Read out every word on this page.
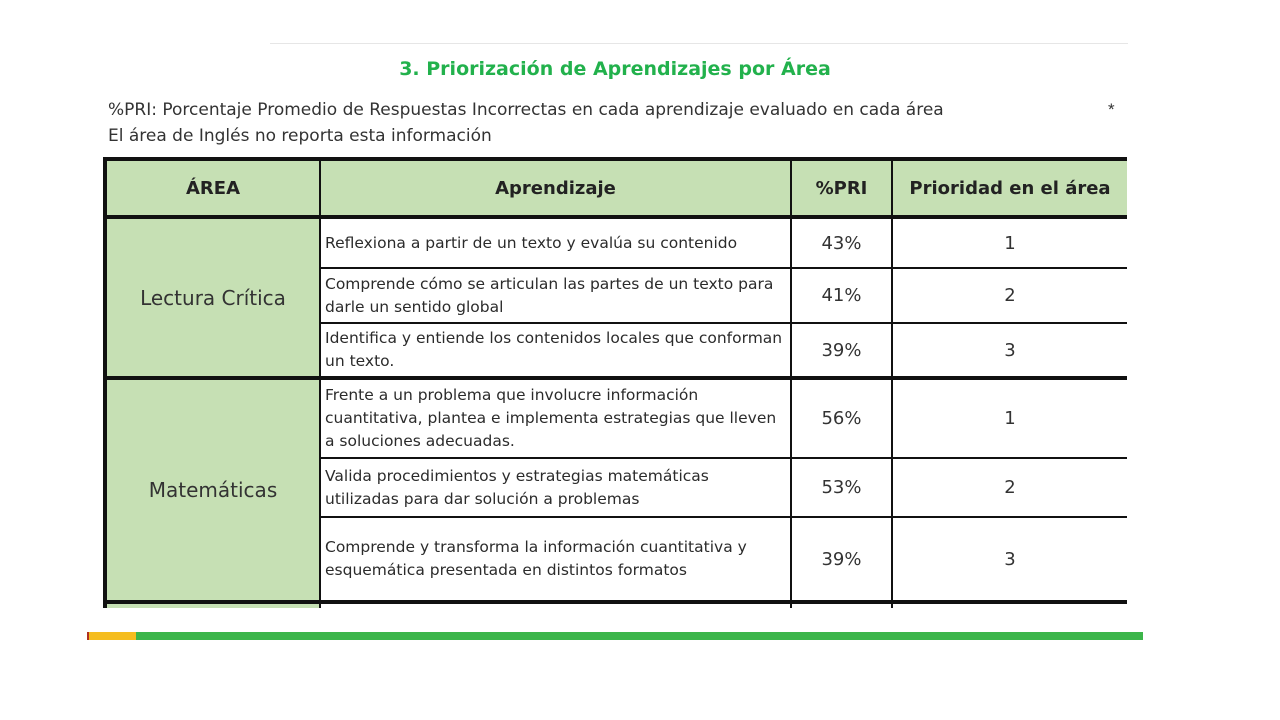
3. Priorización de Aprendizajes por Área
%PRI: Porcentaje Promedio de Respuestas Incorrectas en cada aprendizaje evaluado en cada área	*
El área de Inglés no reporta esta información
ÁREA	Aprendizaje	%PRI	Prioridad en el área
Lectura Crítica	Reflexiona a partir de un texto y evalúa su contenido	43%	1
	Comprende cómo se articulan las partes de un texto para darle un sentido global	41%	2
	Identifica y entiende los contenidos locales que conforman un texto.	39%	3
Matemáticas	Frente a un problema que involucre información cuantitativa, plantea e implementa estrategias que lleven a soluciones adecuadas.	56%	1
	Valida procedimientos y estrategias matemáticas utilizadas para dar solución a problemas	53%	2
	Comprende y transforma la información cuantitativa y esquemática presentada en distintos formatos	39%	3
